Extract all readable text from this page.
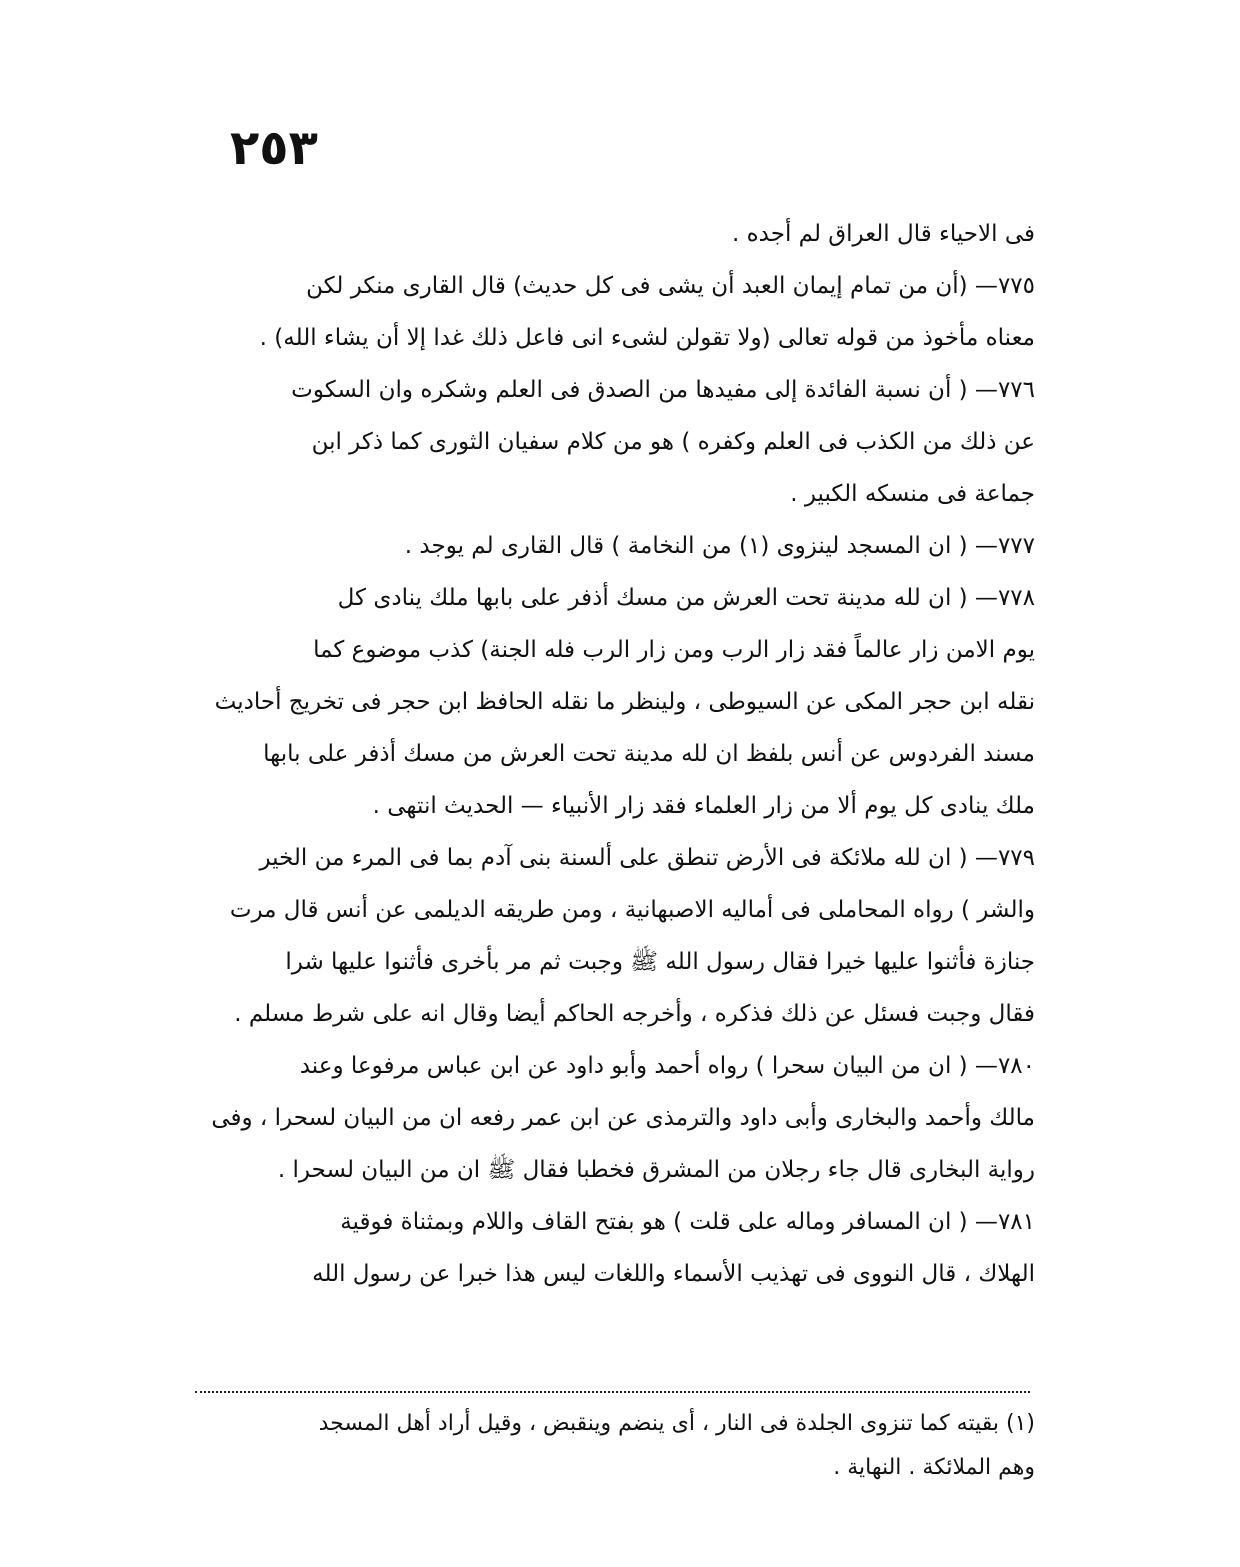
٢٥٣
فى الاحياء قال العراق لم أجده .
٧٧٥— (أن من تمام إيمان العبد أن يشى فى كل حديث) قال القارى منكر لكن
معناه مأخوذ من قوله تعالى (ولا تقولن لشىء انى فاعل ذلك غدا إلا أن يشاء الله) .
٧٧٦— ( أن نسبة الفائدة إلى مفيدها من الصدق فى العلم وشكره وان السكوت
عن ذلك من الكذب فى العلم وكفره ) هو من كلام سفيان الثورى كما ذكر ابن
جماعة فى منسكه الكبير .
٧٧٧— ( ان المسجد لينزوى (١) من النخامة ) قال القارى لم يوجد .
٧٧٨— ( ان لله مدينة تحت العرش من مسك أذفر على بابها ملك ينادى كل
يوم الامن زار عالماً فقد زار الرب ومن زار الرب فله الجنة) كذب موضوع كما
نقله ابن حجر المكى عن السيوطى ، ولينظر ما نقله الحافظ ابن حجر فى تخريج أحاديث
مسند الفردوس عن أنس بلفظ ان لله مدينة تحت العرش من مسك أذفر على بابها
ملك ينادى كل يوم ألا من زار العلماء فقد زار الأنبياء — الحديث انتهى .
٧٧٩— ( ان لله ملائكة فى الأرض تنطق على ألسنة بنى آدم بما فى المرء من الخير
والشر ) رواه المحاملى فى أماليه الاصبهانية ، ومن طريقه الديلمى عن أنس قال مرت
جنازة فأثنوا عليها خيرا فقال رسول الله ﷺ وجبت ثم مر بأخرى فأثنوا عليها شرا
فقال وجبت فسئل عن ذلك فذكره ، وأخرجه الحاكم أيضا وقال انه على شرط مسلم .
٧٨٠— ( ان من البيان سحرا ) رواه أحمد وأبو داود عن ابن عباس مرفوعا وعند
مالك وأحمد والبخارى وأبى داود والترمذى عن ابن عمر رفعه ان من البيان لسحرا ، وفى
رواية البخارى قال جاء رجلان من المشرق فخطبا فقال ﷺ ان من البيان لسحرا .
٧٨١— ( ان المسافر وماله على قلت ) هو بفتح القاف واللام وبمثناة فوقية
الهلاك ، قال النووى فى تهذيب الأسماء واللغات ليس هذا خبرا عن رسول الله
(١) بقيته كما تنزوى الجلدة فى النار ، أى ينضم وينقبض ، وقيل أراد أهل المسجد
وهم الملائكة . النهاية .
